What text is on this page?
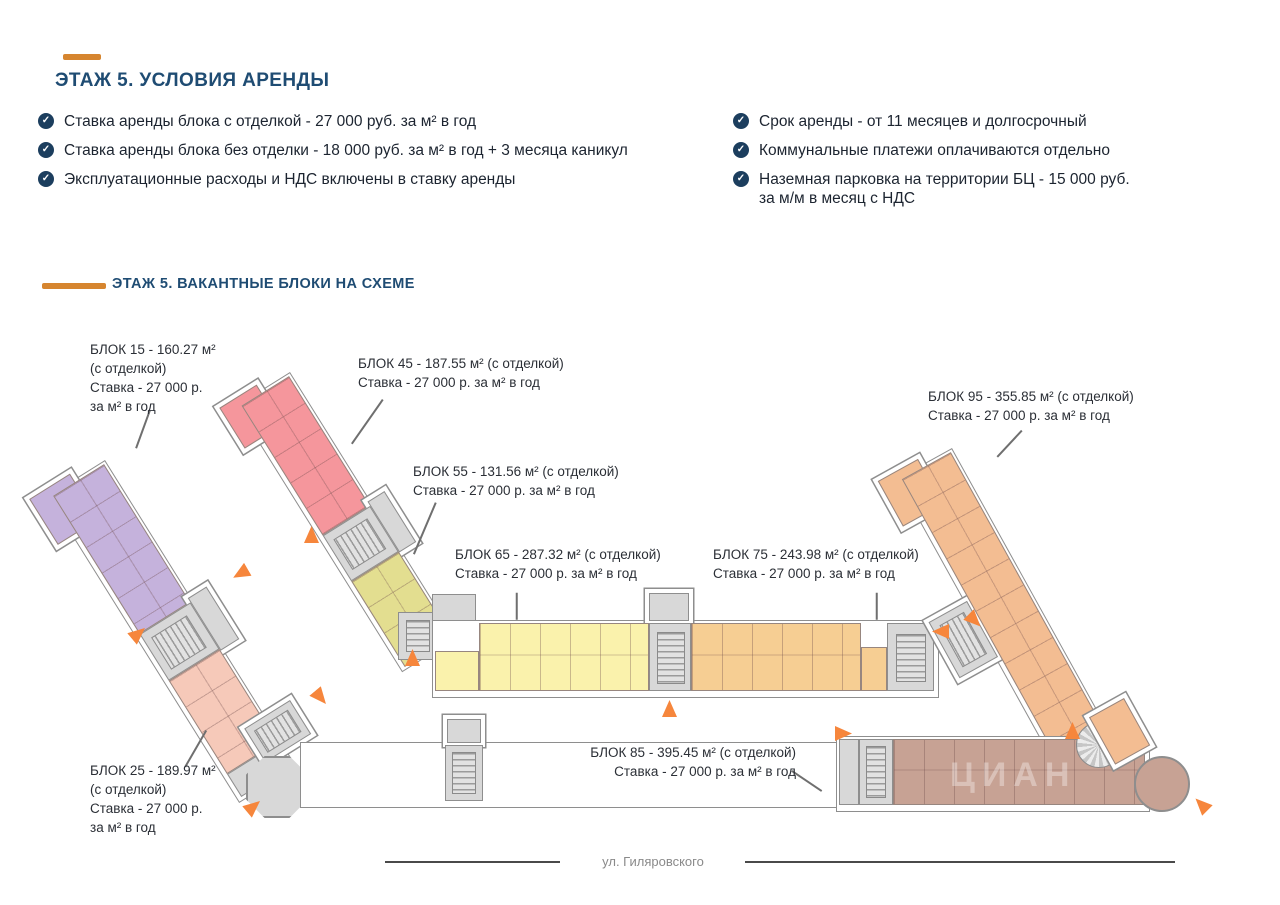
ЭТАЖ 5. УСЛОВИЯ АРЕНДЫ
✓ Ставка аренды блока с отделкой - 27 000 руб. за м² в год
✓ Ставка аренды блока без отделки - 18 000 руб. за м² в год + 3 месяца каникул
✓ Эксплуатационные расходы и НДС включены в ставку аренды
✓ Срок аренды - от 11 месяцев и долгосрочный
✓ Коммунальные платежи оплачиваются отдельно
✓ Наземная парковка на территории БЦ - 15 000 руб. за м/м в месяц с НДС
ЭТАЖ 5. ВАКАНТНЫЕ БЛОКИ НА СХЕМЕ
ЦИАН
БЛОК 15 - 160.27 м²
(с отделкой)
Ставка - 27 000 р.
за м² в год
БЛОК 45 - 187.55 м² (с отделкой)
Ставка - 27 000 р. за м² в год
БЛОК 55 - 131.56 м² (с отделкой)
Ставка - 27 000 р. за м² в год
БЛОК 65 - 287.32 м² (с отделкой)
Ставка - 27 000 р. за м² в год
БЛОК 75 - 243.98 м² (с отделкой)
Ставка - 27 000 р. за м² в год
БЛОК 95 - 355.85 м² (с отделкой)
Ставка - 27 000 р. за м² в год
БЛОК 85 - 395.45 м² (с отделкой)
Ставка - 27 000 р. за м² в год
БЛОК 25 - 189.97 м²
(с отделкой)
Ставка - 27 000 р.
за м² в год
ул. Гиляровского
